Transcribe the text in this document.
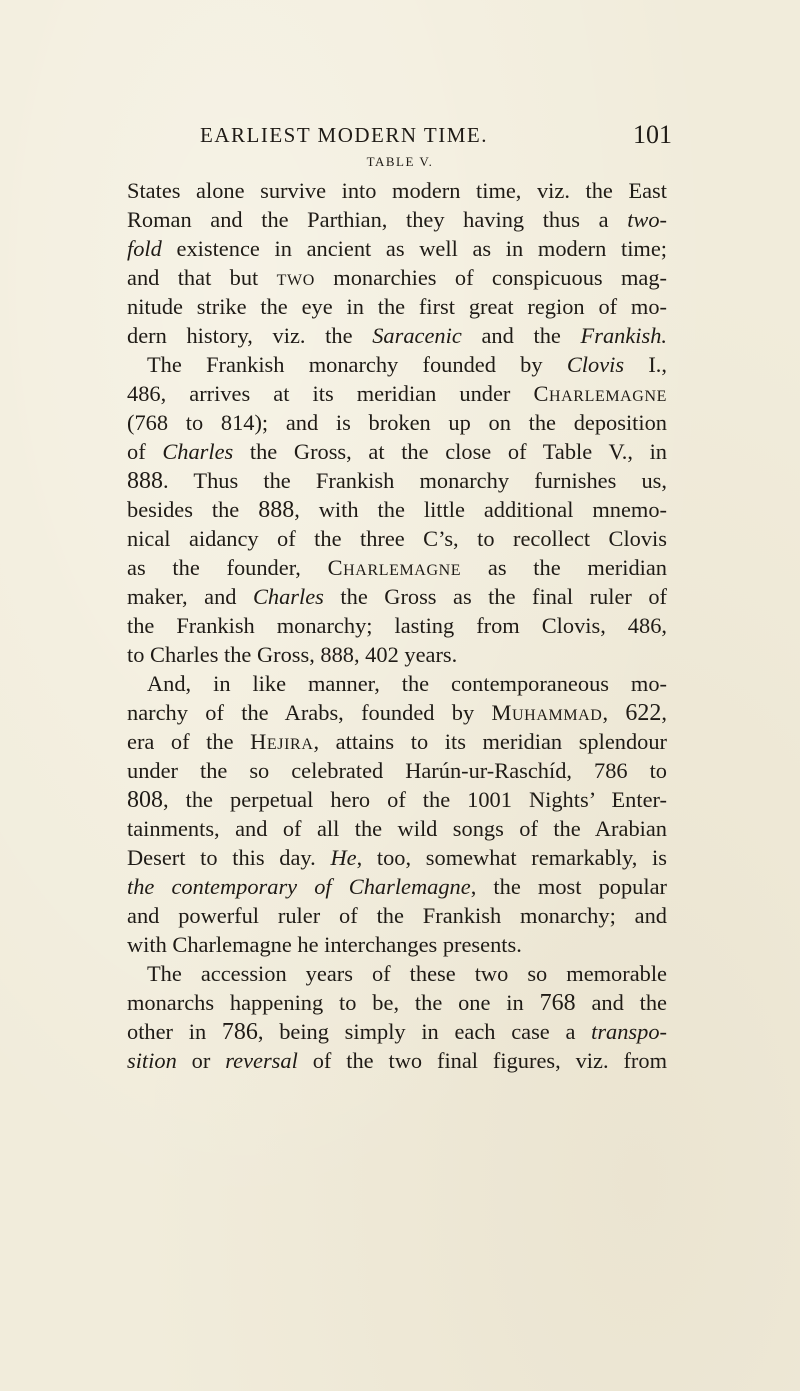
EARLIEST MODERN TIME.	101
TABLE V.
States alone survive into modern time, viz. the East
Roman and the Parthian, they having thus a two-
fold existence in ancient as well as in modern time;
and that but two monarchies of conspicuous mag-
nitude strike the eye in the first great region of mo-
dern history, viz. the Saracenic and the Frankish.
The Frankish monarchy founded by Clovis I.,
486, arrives at its meridian under Charlemagne
(768 to 814); and is broken up on the deposition
of Charles the Gross, at the close of Table V., in
888. Thus the Frankish monarchy furnishes us,
besides the 888, with the little additional mnemo-
nical aidancy of the three C’s, to recollect Clovis
as the founder, Charlemagne as the meridian
maker, and Charles the Gross as the final ruler of
the Frankish monarchy; lasting from Clovis, 486,
to Charles the Gross, 888, 402 years.
And, in like manner, the contemporaneous mo-
narchy of the Arabs, founded by Muhammad, 622,
era of the Hejira, attains to its meridian splendour
under the so celebrated Harún-ur-Raschíd, 786 to
808, the perpetual hero of the 1001 Nights’ Enter-
tainments, and of all the wild songs of the Arabian
Desert to this day. He, too, somewhat remarkably, is
the contemporary of Charlemagne, the most popular
and powerful ruler of the Frankish monarchy; and
with Charlemagne he interchanges presents.
The accession years of these two so memorable
monarchs happening to be, the one in 768 and the
other in 786, being simply in each case a transpo-
sition or reversal of the two final figures, viz. from
